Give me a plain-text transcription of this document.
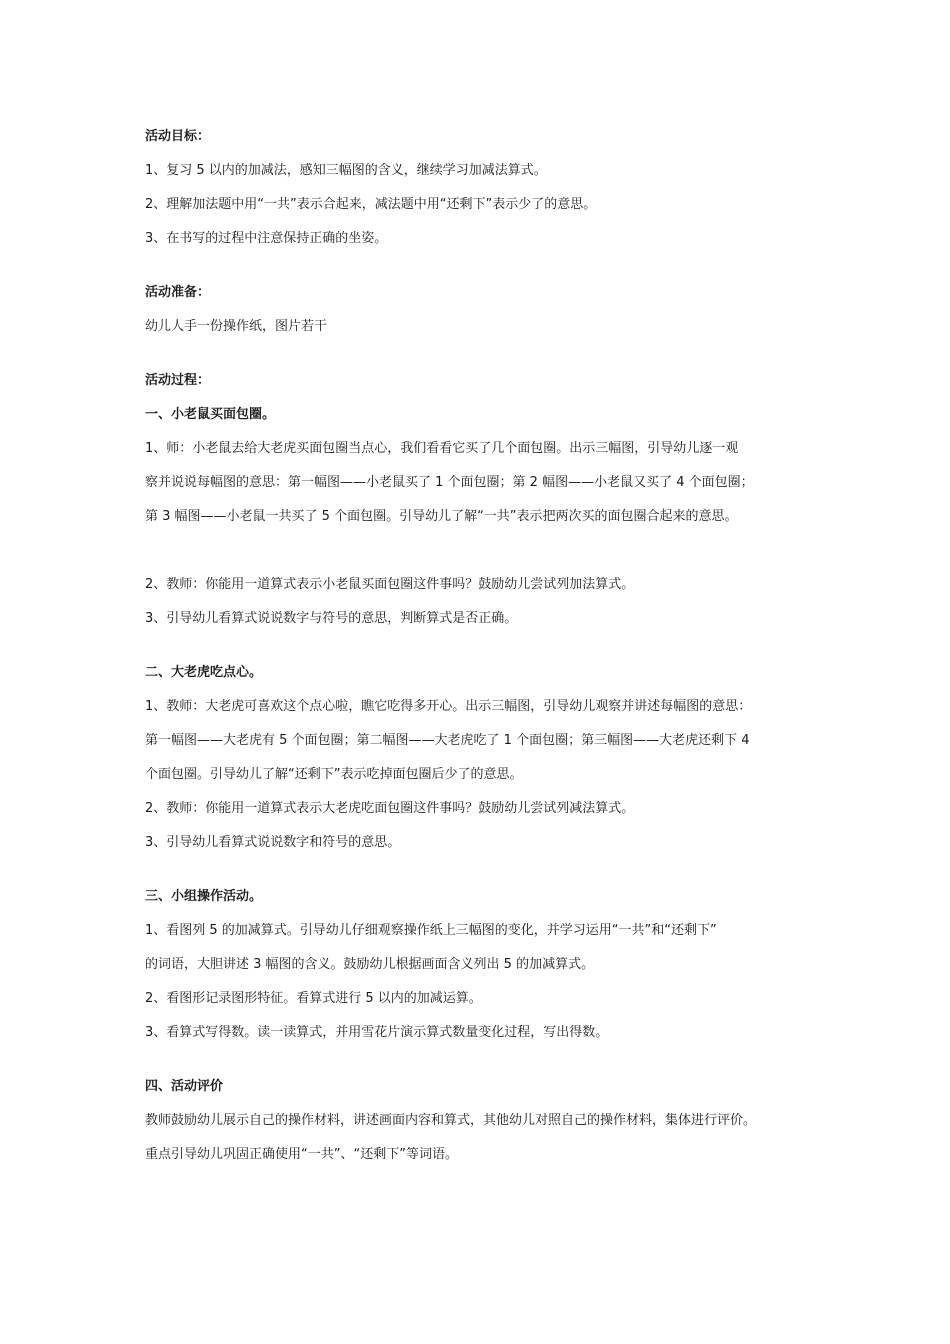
活动目标：
1、复习 5 以内的加减法，感知三幅图的含义，继续学习加减法算式。
2、理解加法题中用“一共”表示合起来，减法题中用“还剩下”表示少了的意思。
3、在书写的过程中注意保持正确的坐姿。
活动准备：
幼儿人手一份操作纸，图片若干
活动过程：
一、小老鼠买面包圈。
1、师：小老鼠去给大老虎买面包圈当点心，我们看看它买了几个面包圈。出示三幅图，引导幼儿逐一观
察并说说每幅图的意思：第一幅图——小老鼠买了 1 个面包圈；第 2 幅图——小老鼠又买了 4 个面包圈；
第 3 幅图——小老鼠一共买了 5 个面包圈。引导幼儿了解“一共”表示把两次买的面包圈合起来的意思。
2、教师：你能用一道算式表示小老鼠买面包圈这件事吗？鼓励幼儿尝试列加法算式。
3、引导幼儿看算式说说数字与符号的意思，判断算式是否正确。
二、大老虎吃点心。
1、教师：大老虎可喜欢这个点心啦，瞧它吃得多开心。出示三幅图，引导幼儿观察并讲述每幅图的意思：
第一幅图——大老虎有 5 个面包圈；第二幅图——大老虎吃了 1 个面包圈；第三幅图——大老虎还剩下 4
个面包圈。引导幼儿了解“还剩下”表示吃掉面包圈后少了的意思。
2、教师：你能用一道算式表示大老虎吃面包圈这件事吗？鼓励幼儿尝试列减法算式。
3、引导幼儿看算式说说数字和符号的意思。
三、小组操作活动。
1、看图列 5 的加减算式。引导幼儿仔细观察操作纸上三幅图的变化，并学习运用“一共”和“还剩下”
的词语，大胆讲述 3 幅图的含义。鼓励幼儿根据画面含义列出 5 的加减算式。
2、看图形记录图形特征。看算式进行 5 以内的加减运算。
3、看算式写得数。读一读算式，并用雪花片演示算式数量变化过程，写出得数。
四、活动评价
教师鼓励幼儿展示自己的操作材料，讲述画面内容和算式，其他幼儿对照自己的操作材料，集体进行评价。
重点引导幼儿巩固正确使用“一共”、“还剩下”等词语。
